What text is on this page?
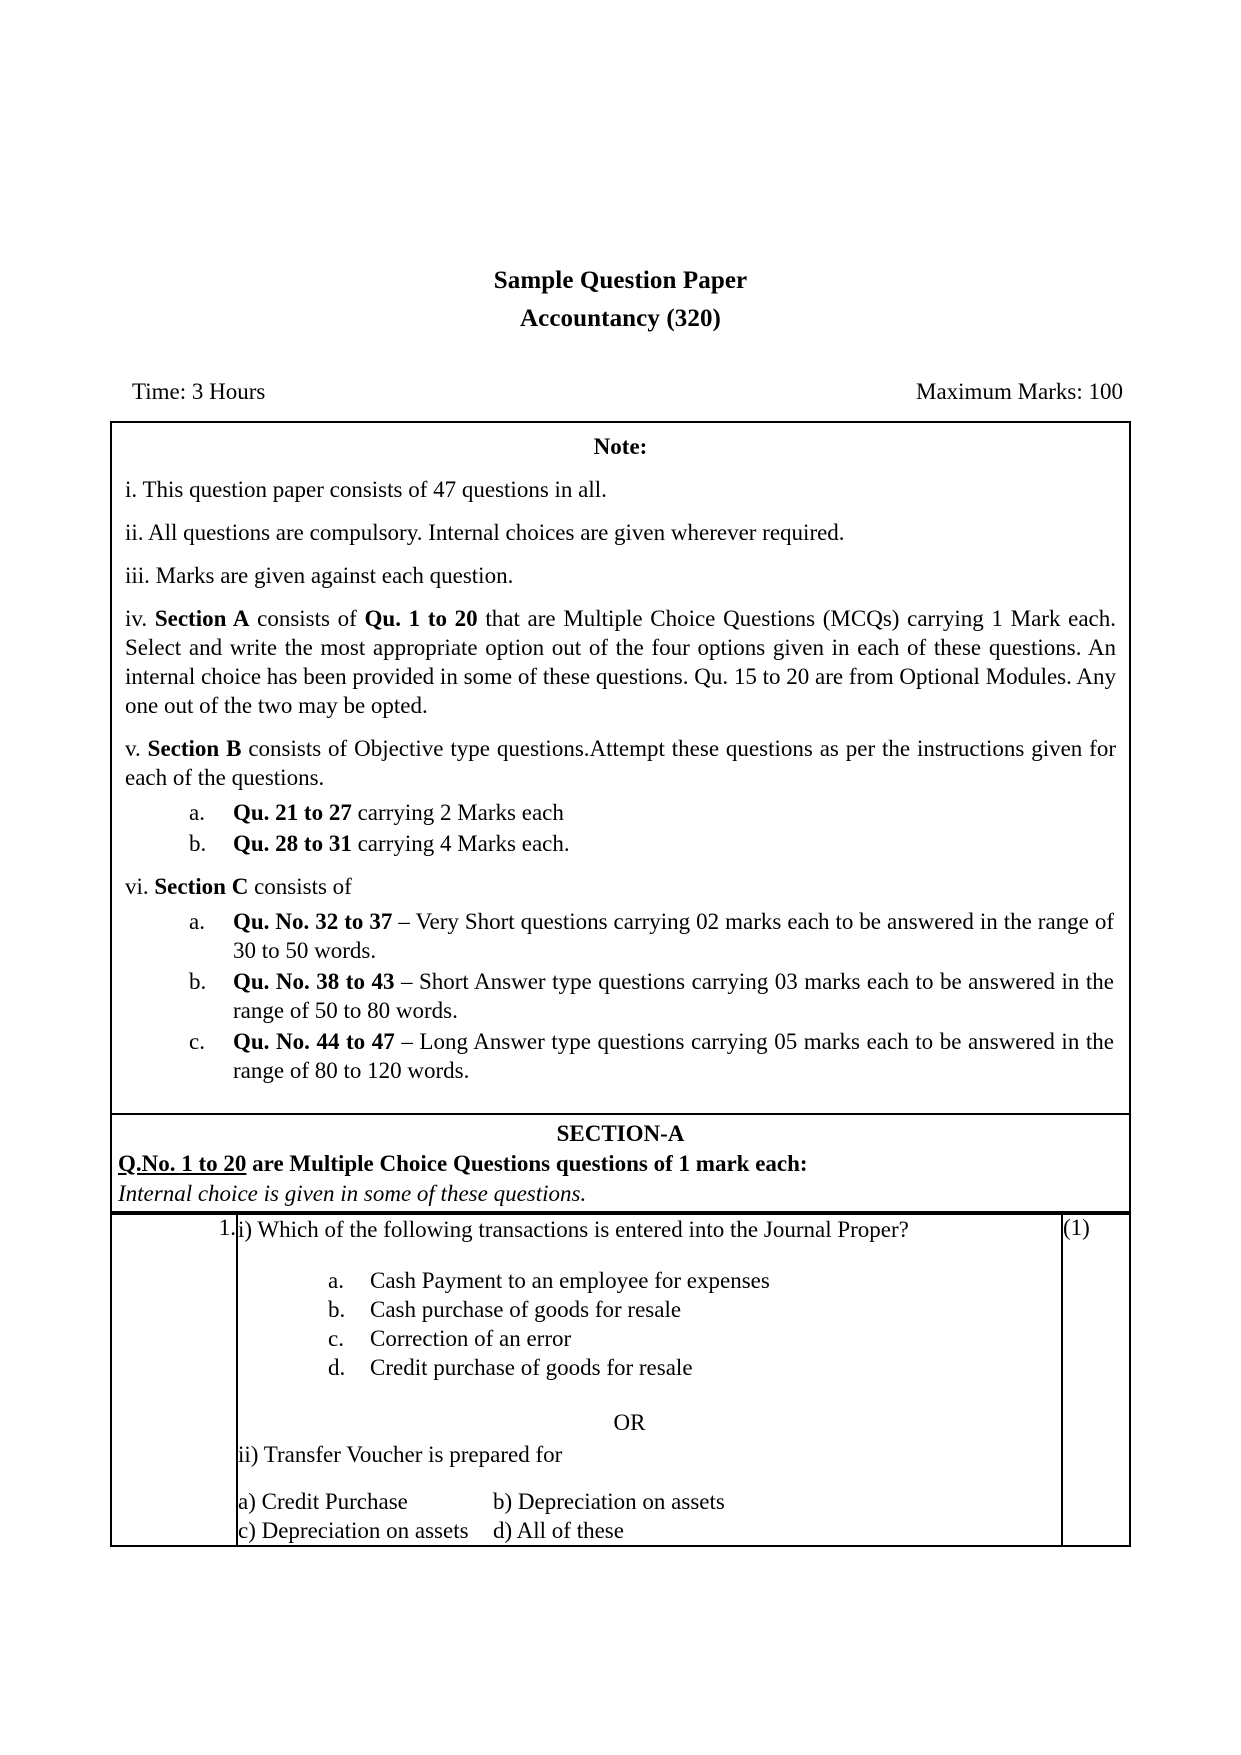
Sample Question Paper
Accountancy (320)
Time: 3 Hours	Maximum Marks: 100
Note:

i. This question paper consists of 47 questions in all.

ii. All questions are compulsory. Internal choices are given wherever required.

iii. Marks are given against each question.

iv. Section A consists of Qu. 1 to 20 that are Multiple Choice Questions (MCQs) carrying 1 Mark each. Select and write the most appropriate option out of the four options given in each of these questions. An internal choice has been provided in some of these questions. Qu. 15 to 20 are from Optional Modules. Any one out of the two may be opted.

v. Section B consists of Objective type questions.Attempt these questions as per the instructions given for each of the questions.

a.	Qu. 21 to 27 carrying 2 Marks each
b.	Qu. 28 to 31 carrying 4 Marks each.

vi. Section C consists of

a.	Qu. No. 32 to 37 – Very Short questions carrying 02 marks each to be answered in the range of 30 to 50 words.
b.	Qu. No. 38 to 43 – Short Answer type questions carrying 03 marks each to be answered in the range of 50 to 80 words.
c.	Qu. No. 44 to 47 – Long Answer type questions carrying 05 marks each to be answered in the range of 80 to 120 words.
SECTION-A
Q.No. 1 to 20 are Multiple Choice Questions questions of 1 mark each:
Internal choice is given in some of these questions.
1.	i) Which of the following transactions is entered into the Journal Proper?
a.	Cash Payment to an employee for expenses
b.	Cash purchase of goods for resale
c.	Correction of an error
d.	Credit purchase of goods for resale
OR
ii) Transfer Voucher is prepared for
a) Credit Purchase	b) Depreciation on assets
c) Depreciation on assets	d) All of these
	(1)
